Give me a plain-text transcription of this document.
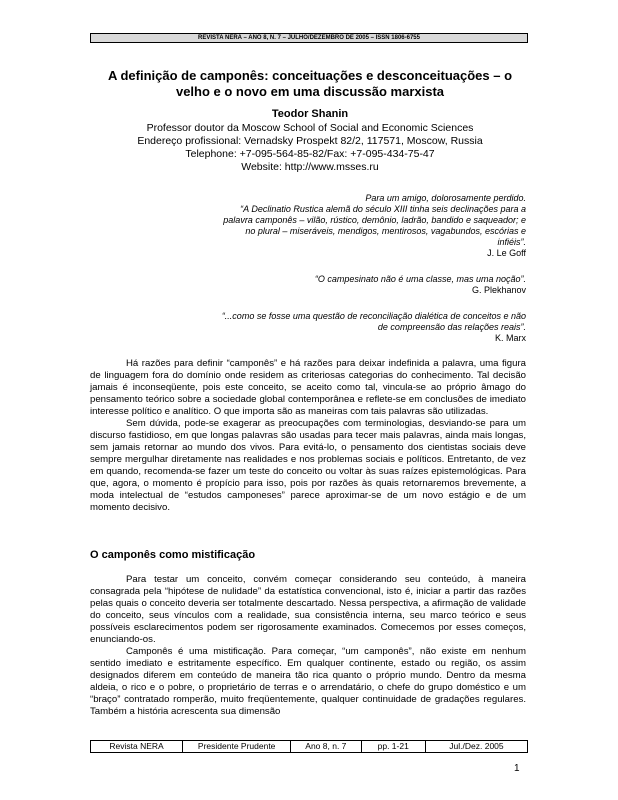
REVISTA NERA – ANO 8, N. 7 – JULHO/DEZEMBRO DE 2005 – ISSN 1806-6755
A definição de camponês: conceituações e desconceituações – o
velho e o novo em uma discussão marxista
Teodor Shanin
Professor doutor da Moscow School of Social and Economic Sciences
Endereço profissional: Vernadsky Prospekt 82/2, 117571, Moscow, Russia
Telephone: +7-095-564-85-82/Fax: +7-095-434-75-47
Website: http://www.msses.ru
Para um amigo, dolorosamente perdido.
“A Declinatio Rustica alemã do século XIII tinha seis declinações para a
palavra camponês – vilão, rústico, demônio, ladrão, bandido e saqueador; e
no plural – miseráveis, mendigos, mentirosos, vagabundos, escórias e
infiéis”.
J. Le Goff
“O campesinato não é uma classe, mas uma noção”.
G. Plekhanov
“...como se fosse uma questão de reconciliação dialética de conceitos e não
de compreensão das relações reais”.
K. Marx

Há razões para definir “camponês” e há razões para deixar indefinida a palavra, uma figura de linguagem fora do domínio onde residem as criteriosas categorias do conhecimento. Tal decisão jamais é inconseqüente, pois este conceito, se aceito como tal, vincula-se ao próprio âmago do pensamento teórico sobre a sociedade global contemporânea e reflete-se em conclusões de imediato interesse político e analítico. O que importa são as maneiras com tais palavras são utilizadas.

Sem dúvida, pode-se exagerar as preocupações com terminologias, desviando-se para um discurso fastidioso, em que longas palavras são usadas para tecer mais palavras, ainda mais longas, sem jamais retornar ao mundo dos vivos. Para evitá-lo, o pensamento dos cientistas sociais deve sempre mergulhar diretamente nas realidades e nos problemas sociais e políticos. Entretanto, de vez em quando, recomenda-se fazer um teste do conceito ou voltar às suas raízes epistemológicas. Para que, agora, o momento é propício para isso, pois por razões às quais retornaremos brevemente, a moda intelectual de “estudos camponeses” parece aproximar-se de um novo estágio e de um momento decisivo.

O camponês como mistificação

Para testar um conceito, convém começar considerando seu conteúdo, à maneira consagrada pela “hipótese de nulidade” da estatística convencional, isto é, iniciar a partir das razões pelas quais o conceito deveria ser totalmente descartado. Nessa perspectiva, a afirmação de validade do conceito, seus vínculos com a realidade, sua consistência interna, seu marco teórico e seus possíveis esclarecimentos podem ser rigorosamente examinados. Comecemos por esses começos, enunciando-os.

Camponês é uma mistificação. Para começar, “um camponês”, não existe em nenhum sentido imediato e estritamente específico. Em qualquer continente, estado ou região, os assim designados diferem em conteúdo de maneira tão rica quanto o próprio mundo. Dentro da mesma aldeia, o rico e o pobre, o proprietário de terras e o arrendatário, o chefe do grupo doméstico e um “braço” contratado romperão, muito freqüentemente, qualquer continuidade de gradações regulares. Também a história acrescenta sua dimensão

Revista NERA	Presidente Prudente	Ano 8, n. 7	pp. 1-21	Jul./Dez. 2005
1
